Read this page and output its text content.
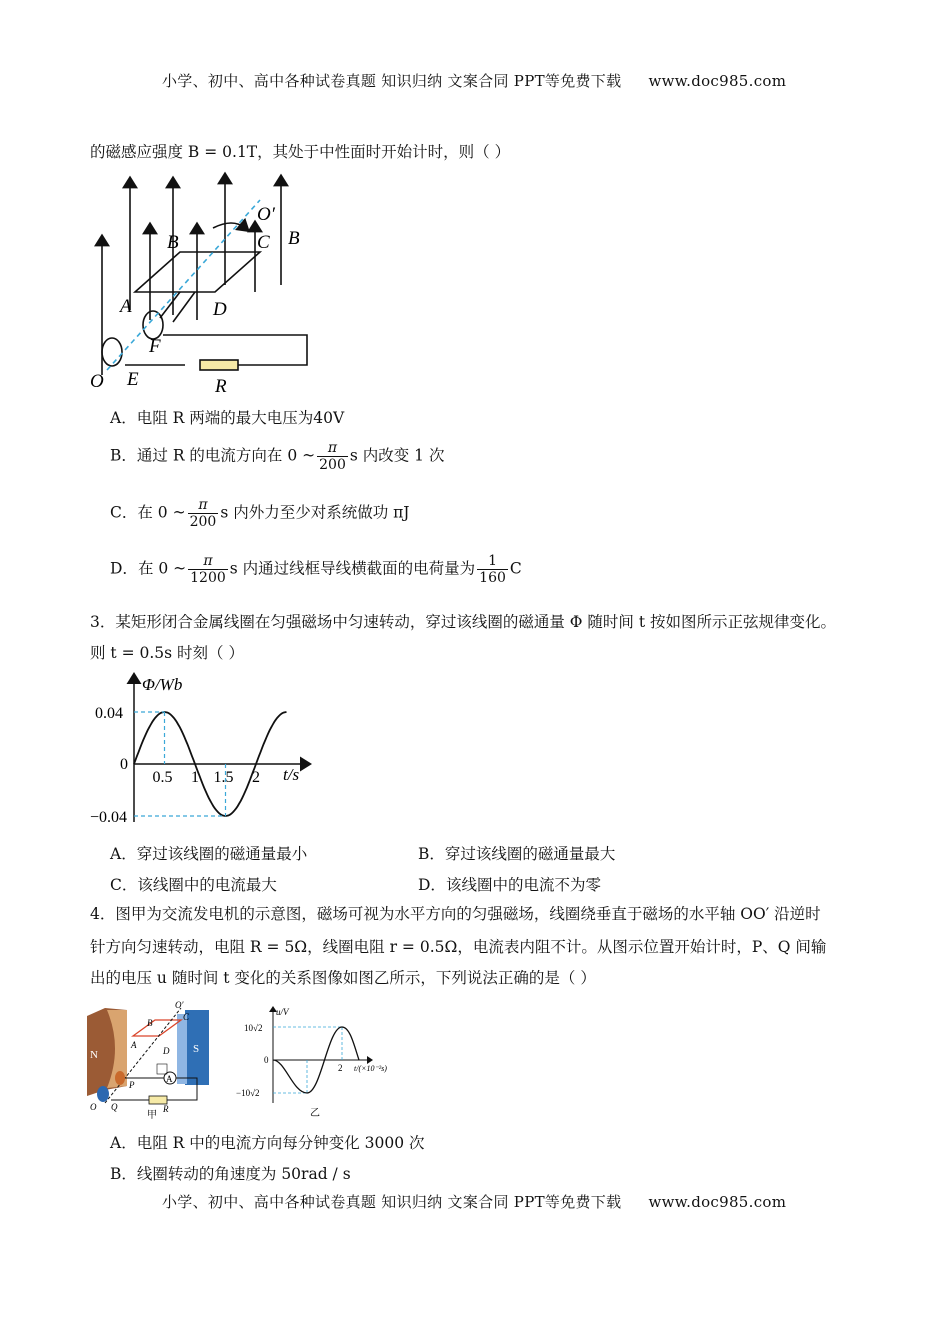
小学、初中、高中各种试卷真题 知识归纳 文案合同 PPT等免费下载 www.doc985.com
的磁感应强度 B = 0.1T，其处于中性面时开始计时，则（ ）
O′
B
B	C
A	D
F
O E	R
A．电阻 R 两端的最大电压为40V
B．通过 R 的电流方向在 0 ~ $\frac{\pi}{200}$ s 内改变 1 次
C．在 0 ~ $\frac{\pi}{200}$ s 内外力至少对系统做功 πJ
D．在 0 ~ $\frac{\pi}{1200}$ s 内通过线框导线横截面的电荷量为 $\frac{1}{160}$ C
3．某矩形闭合金属线圈在匀强磁场中匀速转动，穿过该线圈的磁通量 Φ 随时间 t 按如图所示正弦规律变化。
则 t = 0.5s 时刻（ ）
Φ/Wb
t/s
0.5 1 1.5 2
0.04
0
−0.04
A．穿过该线圈的磁通量最小	B．穿过该线圈的磁通量最大
C．该线圈中的电流最大	D．该线圈中的电流不为零
4．图甲为交流发电机的示意图，磁场可视为水平方向的匀强磁场，线圈绕垂直于磁场的水平轴 OO′ 沿逆时
针方向匀速转动，电阻 R = 5Ω，线圈电阻 r = 0.5Ω，电流表内阻不计。从图示位置开始计时，P、Q 间输
出的电压 u 随时间 t 变化的关系图像如图乙所示，下列说法正确的是（ ）
N	S
A
B
C
O′
A
D
P
O Q	R
甲
u/V
10√2
0
−10√2
2 t/(×10⁻²s)
乙
A．电阻 R 中的电流方向每分钟变化 3000 次
B．线圈转动的角速度为 50rad / s
小学、初中、高中各种试卷真题 知识归纳 文案合同 PPT等免费下载 www.doc985.com
